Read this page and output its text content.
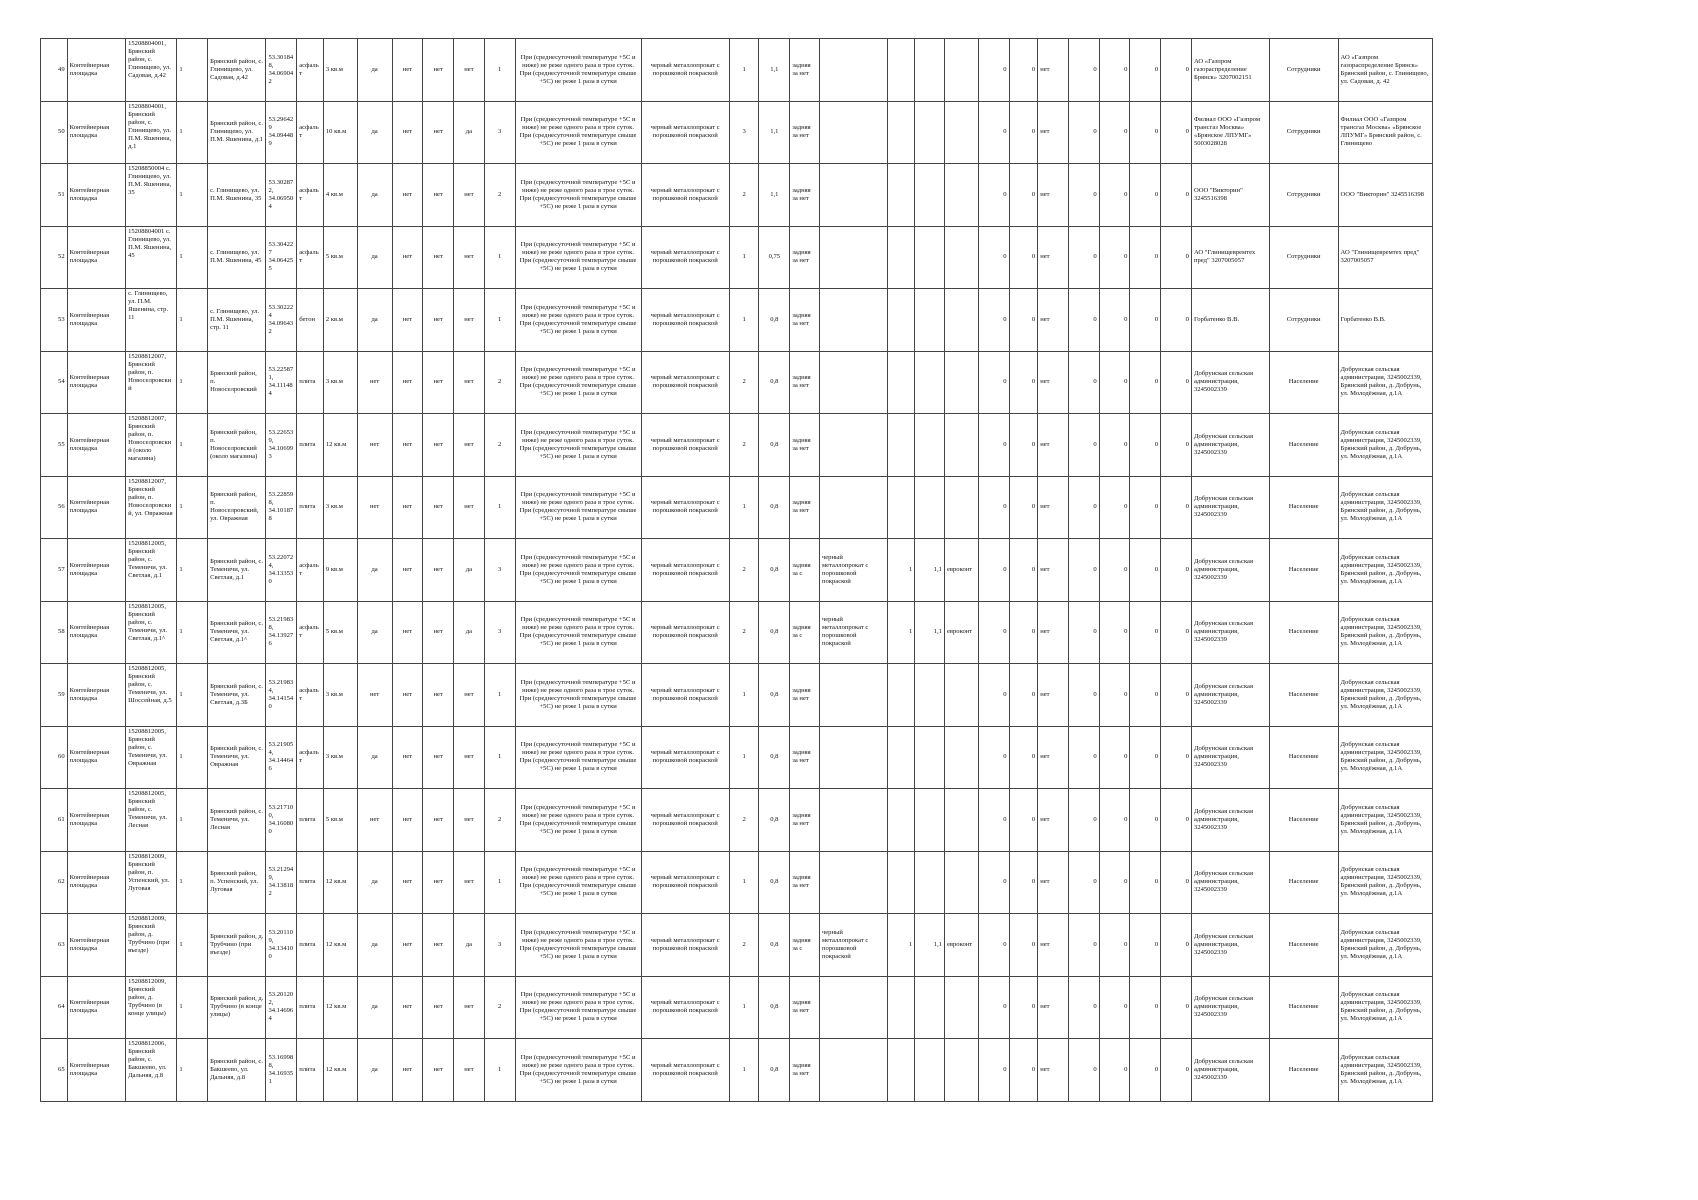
49	Контейнерная площадка	15208804001, Брянский район, с. Глинищево, ул. Садовая, д.42	1	Брянский район, с. Глинищево, ул. Садовая, д.42	53.30184 8, 34.06904 2	асфальт	3 кв.м	да	нет	нет	нет	1	При (среднесуточной температуре +5С и ниже) не реже одного раза в трое суток. При (среднесуточной температуре свыше +5С) не реже 1 раза в сутки	черный металлопрокат с порошковой покраской	1	1,1	задняя за нет					0	0	нет	0	0	0	0	АО «Газпром газораспределение Брянск» 3207002151	Сотрудники	АО «Газпром газораспределение Брянск» Брянский район, с. Глинищево, ул. Садовая, д. 42
50	Контейнерная площадка	15208804001, Брянский район, с. Глинищево, ул. П.М. Яшенина, д.1	1	Брянский район, с. Глинищево, ул. П.М. Яшенина, д.1	53.29642 9 34.09448 9	асфальт	10 кв.м	да	нет	нет	да	3	При (среднесуточной температуре +5С и ниже) не реже одного раза в трое суток. При (среднесуточной температуре свыше +5С) не реже 1 раза в сутки	черный металлопрокат с порошковой покраской	3	1,1	задняя за нет					0	0	нет	0	0	0	0	Филиал ООО «Газпром трансгаз Москва» «Брянское ЛПУМГ» 5003028028	Сотрудники	Филиал ООО «Газпром трансгаз Москва» «Брянское ЛПУМГ» Брянский район, с. Глинищево
51	Контейнерная площадка	15208850004 с. Глинищево, ул. П.М. Яшенина, 35	1	с. Глинищево, ул. П.М. Яшенина, 35	53.30287 2, 34.06950 4	асфальт	4 кв.м	да	нет	нет	нет	2	При (среднесуточной температуре +5С и ниже) не реже одного раза в трое суток. При (среднесуточной температуре свыше +5С) не реже 1 раза в сутки	черный металлопрокат с порошковой покраской	2	1,1	задняя за нет					0	0	нет	0	0	0	0	ООО "Викторин" 3245516398	Сотрудники	ООО "Викторин" 3245516398
52	Контейнерная площадка	15208804001 с. Глинищево, ул. П.М. Яшенина, 45	1	с. Глинищево, ул. П.М. Яшенина, 45	53.30422 7 34.06425 5	асфальт	5 кв.м	да	нет	нет	нет	1	При (среднесуточной температуре +5С и ниже) не реже одного раза в трое суток. При (среднесуточной температуре свыше +5С) не реже 1 раза в сутки	черный металлопрокат с порошковой покраской	1	0,75	задняя за нет					0	0	нет	0	0	0	0	АО "Глинищевремтех пред" 3207005057	Сотрудники	АО "Глинищевремтех пред" 3207005057
53	Контейнерная площадка	с. Глинищево, ул. П.М. Яшенина, стр. 11	1	с. Глинищево, ул. П.М. Яшенина, стр. 11	53.30222 4 34.09643 2	бетон	2 кв.м	да	нет	нет	нет	1	При (среднесуточной температуре +5С и ниже) не реже одного раза в трое суток. При (среднесуточной температуре свыше +5С) не реже 1 раза в сутки	черный металлопрокат с порошковой покраской	1	0,8	задняя за нет					0	0	нет	0	0	0	0	Горбатенко В.В.	Сотрудники	Горбатенко В.В.
54	Контейнерная площадка	15208812007, Брянский район, п. Новоселровский	1	Брянский район, п. Новоселровский	53.22587 1, 34.11148 4	плита	3 кв.м	нет	нет	нет	нет	2	При (среднесуточной температуре +5С и ниже) не реже одного раза в трое суток. При (среднесуточной температуре свыше +5С) не реже 1 раза в сутки	черный металлопрокат с порошковой покраской	2	0,8	задняя за нет					0	0	нет	0	0	0	0	Добрунская сельская администрация, 3245002339	Население	Добрунская сельская администрация, 3245002339, Брянский район, д. Добрунь, ул. Молодёжная, д.1А
55	Контейнерная площадка	15208812007, Брянский район, п. Новоселровский (около магазина)	1	Брянский район, п. Новоселровский (около магазина)	53.22653 9, 34.10699 3	плита	12 кв.м	нет	нет	нет	нет	2	При (среднесуточной температуре +5С и ниже) не реже одного раза в трое суток. При (среднесуточной температуре свыше +5С) не реже 1 раза в сутки	черный металлопрокат с порошковой покраской	2	0,8	задняя за нет					0	0	нет	0	0	0	0	Добрунская сельская администрация, 3245002339	Население	Добрунская сельская администрация, 3245002339, Брянский район, д. Добрунь, ул. Молодёжная, д.1А
56	Контейнерная площадка	15208812007, Брянский район, п. Новоселровский, ул. Овражная	1	Брянский район, п. Новоселровский, ул. Овражная	53.22859 8, 34.10187 8	плита	3 кв.м	нет	нет	нет	нет	1	При (среднесуточной температуре +5С и ниже) не реже одного раза в трое суток. При (среднесуточной температуре свыше +5С) не реже 1 раза в сутки	черный металлопрокат с порошковой покраской	1	0,8	задняя за нет					0	0	нет	0	0	0	0	Добрунская сельская администрация, 3245002339	Население	Добрунская сельская администрация, 3245002339, Брянский район, д. Добрунь, ул. Молодёжная, д.1А
57	Контейнерная площадка	15208812005, Брянский район, с. Теменичи, ул. Светлая, д.1	1	Брянский район, с. Теменичи, ул. Светлая, д.1	53.22072 4, 34.13353 0	асфальт	9 кв.м	да	нет	нет	да	3	При (среднесуточной температуре +5С и ниже) не реже одного раза в трое суток. При (среднесуточной температуре свыше +5С) не реже 1 раза в сутки	черный металлопрокат с порошковой покраской	2	0,8	задняя за с	черный металлопрокат с порошковой покраской	1	1,1	евроконт	0	0	нет	0	0	0	0	Добрунская сельская администрация, 3245002339	Население	Добрунская сельская администрация, 3245002339, Брянский район, д. Добрунь, ул. Молодёжная, д.1А
58	Контейнерная площадка	15208812005, Брянский район, с. Теменичи, ул. Светлая, д.1^	1	Брянский район, с. Теменичи, ул. Светлая, д.1^	53.21983 8, 34.13927 6	асфальт	5 кв.м	да	нет	нет	да	3	При (среднесуточной температуре +5С и ниже) не реже одного раза в трое суток. При (среднесуточной температуре свыше +5С) не реже 1 раза в сутки	черный металлопрокат с порошковой покраской	2	0,8	задняя за с	черный металлопрокат с порошковой покраской	1	1,1	евроконт	0	0	нет	0	0	0	0	Добрунская сельская администрация, 3245002339	Население	Добрунская сельская администрация, 3245002339, Брянский район, д. Добрунь, ул. Молодёжная, д.1А
59	Контейнерная площадка	15208812005, Брянский район, с. Теменичи, ул. Шоссейная, д.5	1	Брянский район, с. Теменичи, ул. Светлая, д.3Б	53.21983 4, 34.14154 0	асфальт	3 кв.м	нет	нет	нет	нет	1	При (среднесуточной температуре +5С и ниже) не реже одного раза в трое суток. При (среднесуточной температуре свыше +5С) не реже 1 раза в сутки	черный металлопрокат с порошковой покраской	1	0,8	задняя за нет					0	0	нет	0	0	0	0	Добрунская сельская администрация, 3245002339	Население	Добрунская сельская администрация, 3245002339, Брянский район, д. Добрунь, ул. Молодёжная, д.1А
60	Контейнерная площадка	15208812005, Брянский район, с. Теменичи, ул. Овражная	1	Брянский район, с. Теменичи, ул. Овражная	53.21905 4, 34.14464 6	асфальт	3 кв.м	да	нет	нет	нет	1	При (среднесуточной температуре +5С и ниже) не реже одного раза в трое суток. При (среднесуточной температуре свыше +5С) не реже 1 раза в сутки	черный металлопрокат с порошковой покраской	1	0,8	задняя за нет					0	0	нет	0	0	0	0	Добрунская сельская администрация, 3245002339	Население	Добрунская сельская администрация, 3245002339, Брянский район, д. Добрунь, ул. Молодёжная, д.1А
61	Контейнерная площадка	15208812005, Брянский район, с. Теменичи, ул. Лесная	1	Брянский район, с. Теменичи, ул. Лесная	53.21710 0, 34.16080 0	плита	5 кв.м	нет	нет	нет	нет	2	При (среднесуточной температуре +5С и ниже) не реже одного раза в трое суток. При (среднесуточной температуре свыше +5С) не реже 1 раза в сутки	черный металлопрокат с порошковой покраской	2	0,8	задняя за нет					0	0	нет	0	0	0	0	Добрунская сельская администрация, 3245002339	Население	Добрунская сельская администрация, 3245002339, Брянский район, д. Добрунь, ул. Молодёжная, д.1А
62	Контейнерная площадка	15208812009, Брянский район, п. Успенский, ул. Луговая	1	Брянский район, п. Успенский, ул. Луговая	53.21294 9, 34.13818 2	плита	12 кв.м	да	нет	нет	нет	1	При (среднесуточной температуре +5С и ниже) не реже одного раза в трое суток. При (среднесуточной температуре свыше +5С) не реже 1 раза в сутки	черный металлопрокат с порошковой покраской	1	0,8	задняя за нет					0	0	нет	0	0	0	0	Добрунская сельская администрация, 3245002339	Население	Добрунская сельская администрация, 3245002339, Брянский район, д. Добрунь, ул. Молодёжная, д.1А
63	Контейнерная площадка	15208812009, Брянский район, д. Трубчино (при въезде)	1	Брянский район, д. Трубчино (при въезде)	53.20110 9, 34.13410 0	плита	12 кв.м	да	нет	нет	да	3	При (среднесуточной температуре +5С и ниже) не реже одного раза в трое суток. При (среднесуточной температуре свыше +5С) не реже 1 раза в сутки	черный металлопрокат с порошковой покраской	2	0,8	задняя за с	черный металлопрокат с порошковой покраской	1	1,1	евроконт	0	0	нет	0	0	0	0	Добрунская сельская администрация, 3245002339	Население	Добрунская сельская администрация, 3245002339, Брянский район, д. Добрунь, ул. Молодёжная, д.1А
64	Контейнерная площадка	15208812009, Брянский район, д. Трубчино (в конце улицы)	1	Брянский район, д. Трубчино (в конце улицы)	53.20120 2, 34.14696 4	плита	12 кв.м	да	нет	нет	нет	2	При (среднесуточной температуре +5С и ниже) не реже одного раза в трое суток. При (среднесуточной температуре свыше +5С) не реже 1 раза в сутки	черный металлопрокат с порошковой покраской	1	0,8	задняя за нет					0	0	нет	0	0	0	0	Добрунская сельская администрация, 3245002339	Население	Добрунская сельская администрация, 3245002339, Брянский район, д. Добрунь, ул. Молодёжная, д.1А
65	Контейнерная площадка	15208812006, Брянский район, с. Бакшеево, ул. Дальняя, д.8	1	Брянский район, с. Бакшеево, ул. Дальняя, д.8	53.16998 8, 34.16935 1	плита	12 кв.м	да	нет	нет	нет	1	При (среднесуточной температуре +5С и ниже) не реже одного раза в трое суток. При (среднесуточной температуре свыше +5С) не реже 1 раза в сутки	черный металлопрокат с порошковой покраской	1	0,8	задняя за нет					0	0	нет	0	0	0	0	Добрунская сельская администрация, 3245002339	Население	Добрунская сельская администрация, 3245002339, Брянский район, д. Добрунь, ул. Молодёжная, д.1А
